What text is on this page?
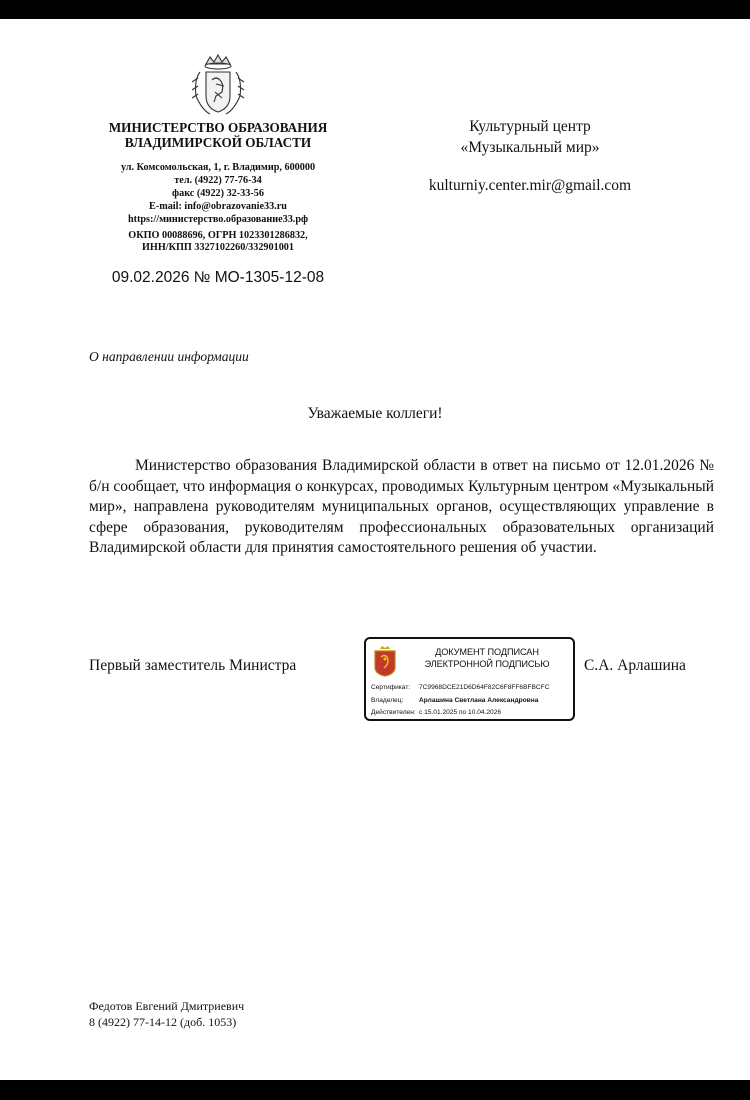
МИНИСТЕРСТВО ОБРАЗОВАНИЯ
ВЛАДИМИРСКОЙ ОБЛАСТИ
ул. Комсомольская, 1, г. Владимир, 600000
тел. (4922) 77-76-34
факс (4922) 32-33-56
E-mail: info@obrazovanie33.ru
https://министерство.образование33.рф
ОКПО 00088696, ОГРН 1023301286832,
ИНН/КПП 3327102260/332901001
09.02.2026 № МО-1305-12-08
Культурный центр
«Музыкальный мир»
kulturniy.center.mir@gmail.com
О направлении информации
Уважаемые коллеги!
Министерство образования Владимирской области в ответ на письмо от 12.01.2026 № б/н сообщает, что информация о конкурсах, проводимых Культурным центром «Музыкальный мир», направлена руководителям муниципальных органов, осуществляющих управление в сфере образования, руководителям профессиональных образовательных организаций Владимирской области для принятия самостоятельного решения об участии.
Первый заместитель Министра
ДОКУМЕНТ ПОДПИСАН
ЭЛЕКТРОННОЙ ПОДПИСЬЮ
Сертификат: 7C9968DCE21D6D64F82C6F8FF6BFBCFC
Владелец: Арлашина Светлана Александровна
Действителен: с 15.01.2025 по 10.04.2026
С.А. Арлашина
Федотов Евгений Дмитриевич
8 (4922) 77-14-12 (доб. 1053)
